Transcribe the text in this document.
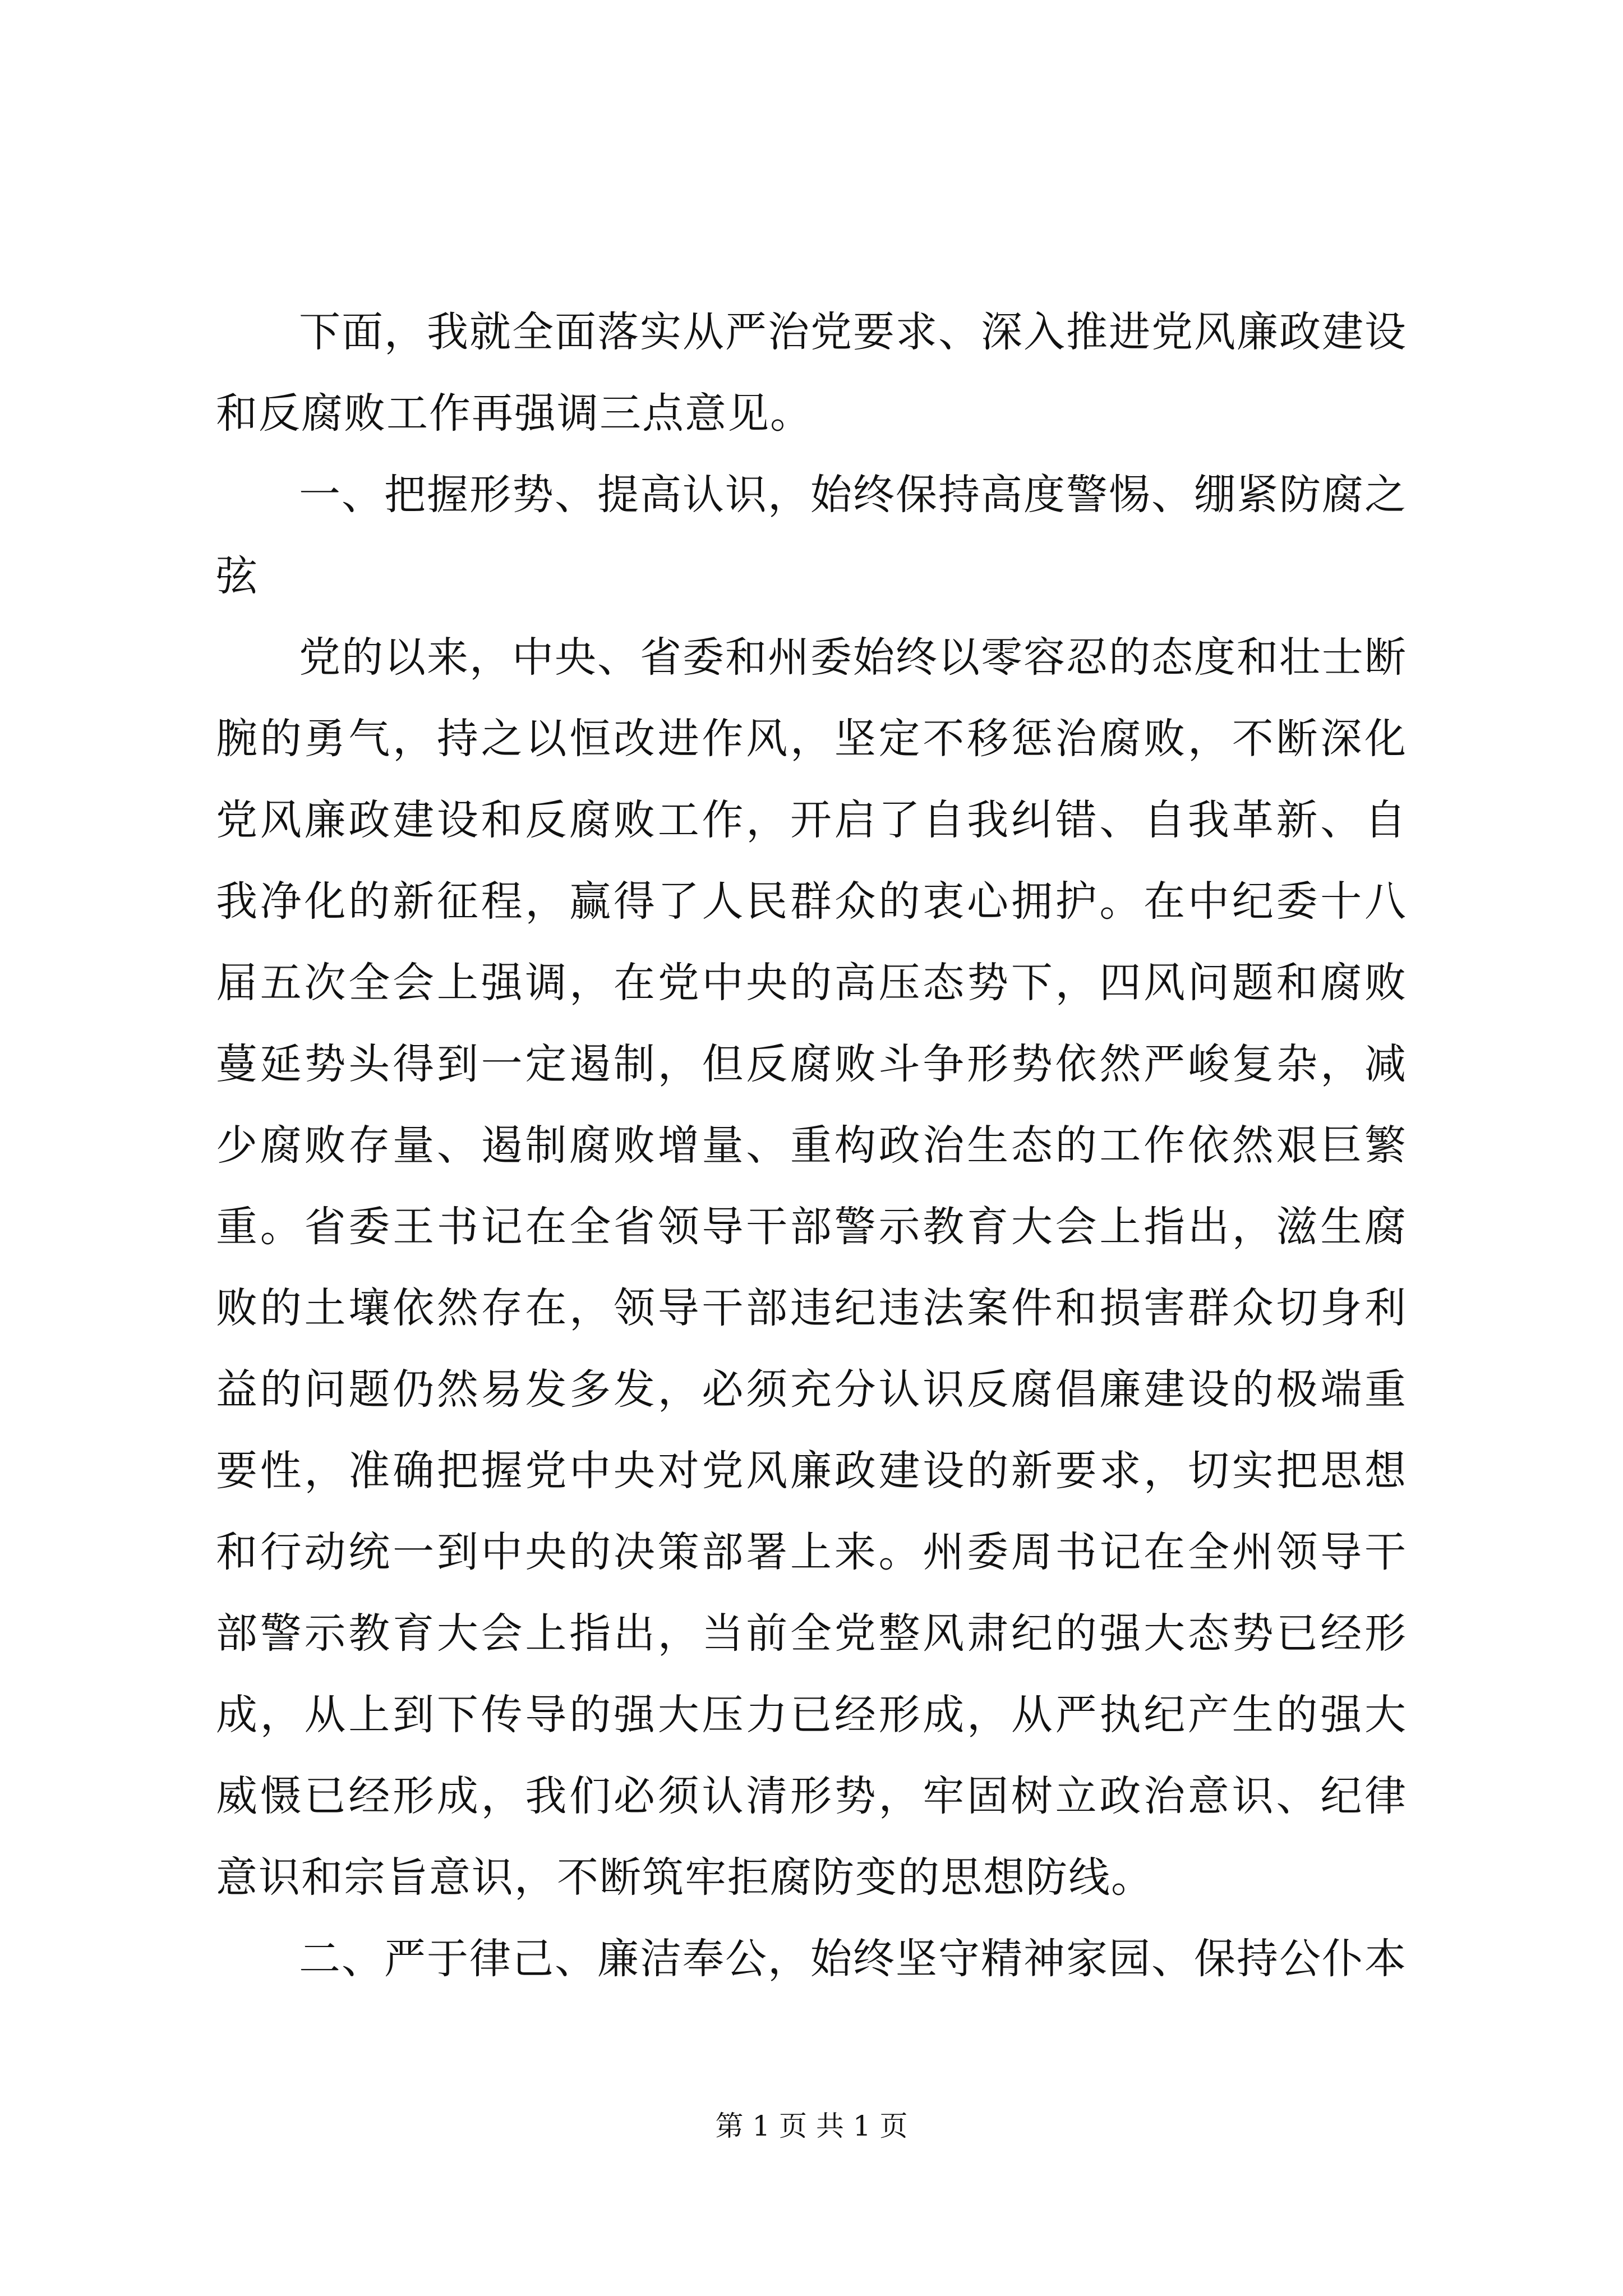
下面，我就全面落实从严治党要求、深入推进党风廉政建设和反腐败工作再强调三点意见。

一、把握形势、提高认识，始终保持高度警惕、绷紧防腐之弦

党的以来，中央、省委和州委始终以零容忍的态度和壮士断腕的勇气，持之以恒改进作风，坚定不移惩治腐败，不断深化党风廉政建设和反腐败工作，开启了自我纠错、自我革新、自我净化的新征程，赢得了人民群众的衷心拥护。在中纪委十八届五次全会上强调，在党中央的高压态势下，四风问题和腐败蔓延势头得到一定遏制，但反腐败斗争形势依然严峻复杂，减少腐败存量、遏制腐败增量、重构政治生态的工作依然艰巨繁重。省委王书记在全省领导干部警示教育大会上指出，滋生腐败的土壤依然存在，领导干部违纪违法案件和损害群众切身利益的问题仍然易发多发，必须充分认识反腐倡廉建设的极端重要性，准确把握党中央对党风廉政建设的新要求，切实把思想和行动统一到中央的决策部署上来。州委周书记在全州领导干部警示教育大会上指出，当前全党整风肃纪的强大态势已经形成，从上到下传导的强大压力已经形成，从严执纪产生的强大威慑已经形成，我们必须认清形势，牢固树立政治意识、纪律意识和宗旨意识，不断筑牢拒腐防变的思想防线。

二、严于律己、廉洁奉公，始终坚守精神家园、保持公仆本

第 1 页 共 1 页
